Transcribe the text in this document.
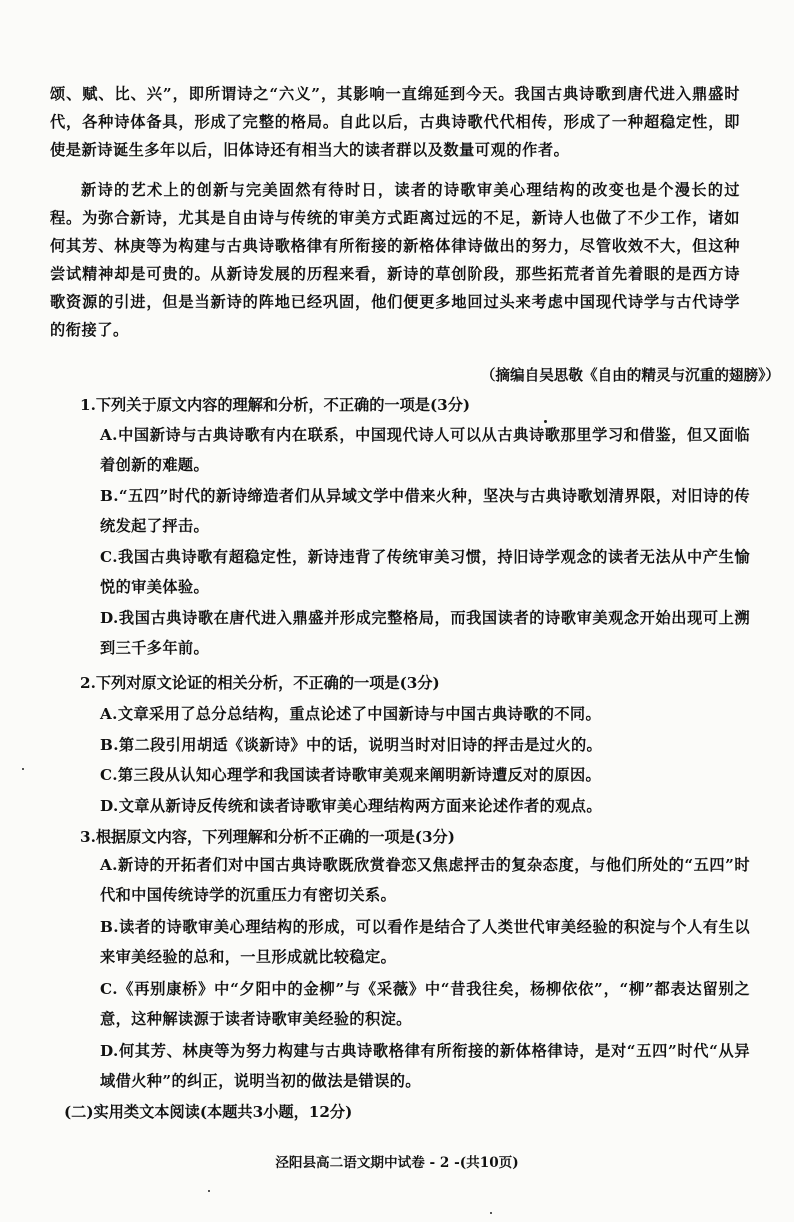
颂、赋、比、兴”，即所谓诗之“六义”，其影响一直绵延到今天。我国古典诗歌到唐代进入鼎盛时代，各种诗体备具，形成了完整的格局。自此以后，古典诗歌代代相传，形成了一种超稳定性，即使是新诗诞生多年以后，旧体诗还有相当大的读者群以及数量可观的作者。
新诗的艺术上的创新与完美固然有待时日，读者的诗歌审美心理结构的改变也是个漫长的过程。为弥合新诗，尤其是自由诗与传统的审美方式距离过远的不足，新诗人也做了不少工作，诸如何其芳、林庚等为构建与古典诗歌格律有所衔接的新格体律诗做出的努力，尽管收效不大，但这种尝试精神却是可贵的。从新诗发展的历程来看，新诗的草创阶段，那些拓荒者首先着眼的是西方诗歌资源的引进，但是当新诗的阵地已经巩固，他们便更多地回过头来考虑中国现代诗学与古代诗学的衔接了。
（摘编自吴思敬《自由的精灵与沉重的翅膀》）
1.下列关于原文内容的理解和分析，不正确的一项是(3分)
A.中国新诗与古典诗歌有内在联系，中国现代诗人可以从古典诗歌那里学习和借鉴，但又面临着创新的难题。
B.“五四”时代的新诗缔造者们从异域文学中借来火种，坚决与古典诗歌划清界限，对旧诗的传统发起了抨击。
C.我国古典诗歌有超稳定性，新诗违背了传统审美习惯，持旧诗学观念的读者无法从中产生愉悦的审美体验。
D.我国古典诗歌在唐代进入鼎盛并形成完整格局，而我国读者的诗歌审美观念开始出现可上溯到三千多年前。
2.下列对原文论证的相关分析，不正确的一项是(3分)
A.文章采用了总分总结构，重点论述了中国新诗与中国古典诗歌的不同。
B.第二段引用胡适《谈新诗》中的话，说明当时对旧诗的抨击是过火的。
C.第三段从认知心理学和我国读者诗歌审美观来阐明新诗遭反对的原因。
D.文章从新诗反传统和读者诗歌审美心理结构两方面来论述作者的观点。
3.根据原文内容，下列理解和分析不正确的一项是(3分)
A.新诗的开拓者们对中国古典诗歌既欣赏眷恋又焦虑抨击的复杂态度，与他们所处的“五四”时代和中国传统诗学的沉重压力有密切关系。
B.读者的诗歌审美心理结构的形成，可以看作是结合了人类世代审美经验的积淀与个人有生以来审美经验的总和，一旦形成就比较稳定。
C.《再别康桥》中“夕阳中的金柳”与《采薇》中“昔我往矣，杨柳依依”，“柳”都表达留别之意，这种解读源于读者诗歌审美经验的积淀。
D.何其芳、林庚等为努力构建与古典诗歌格律有所衔接的新体格律诗，是对“五四”时代“从异域借火种”的纠正，说明当初的做法是错误的。
(二)实用类文本阅读(本题共3小题，12分)
泾阳县高二语文期中试卷 - 2 -(共10页)
